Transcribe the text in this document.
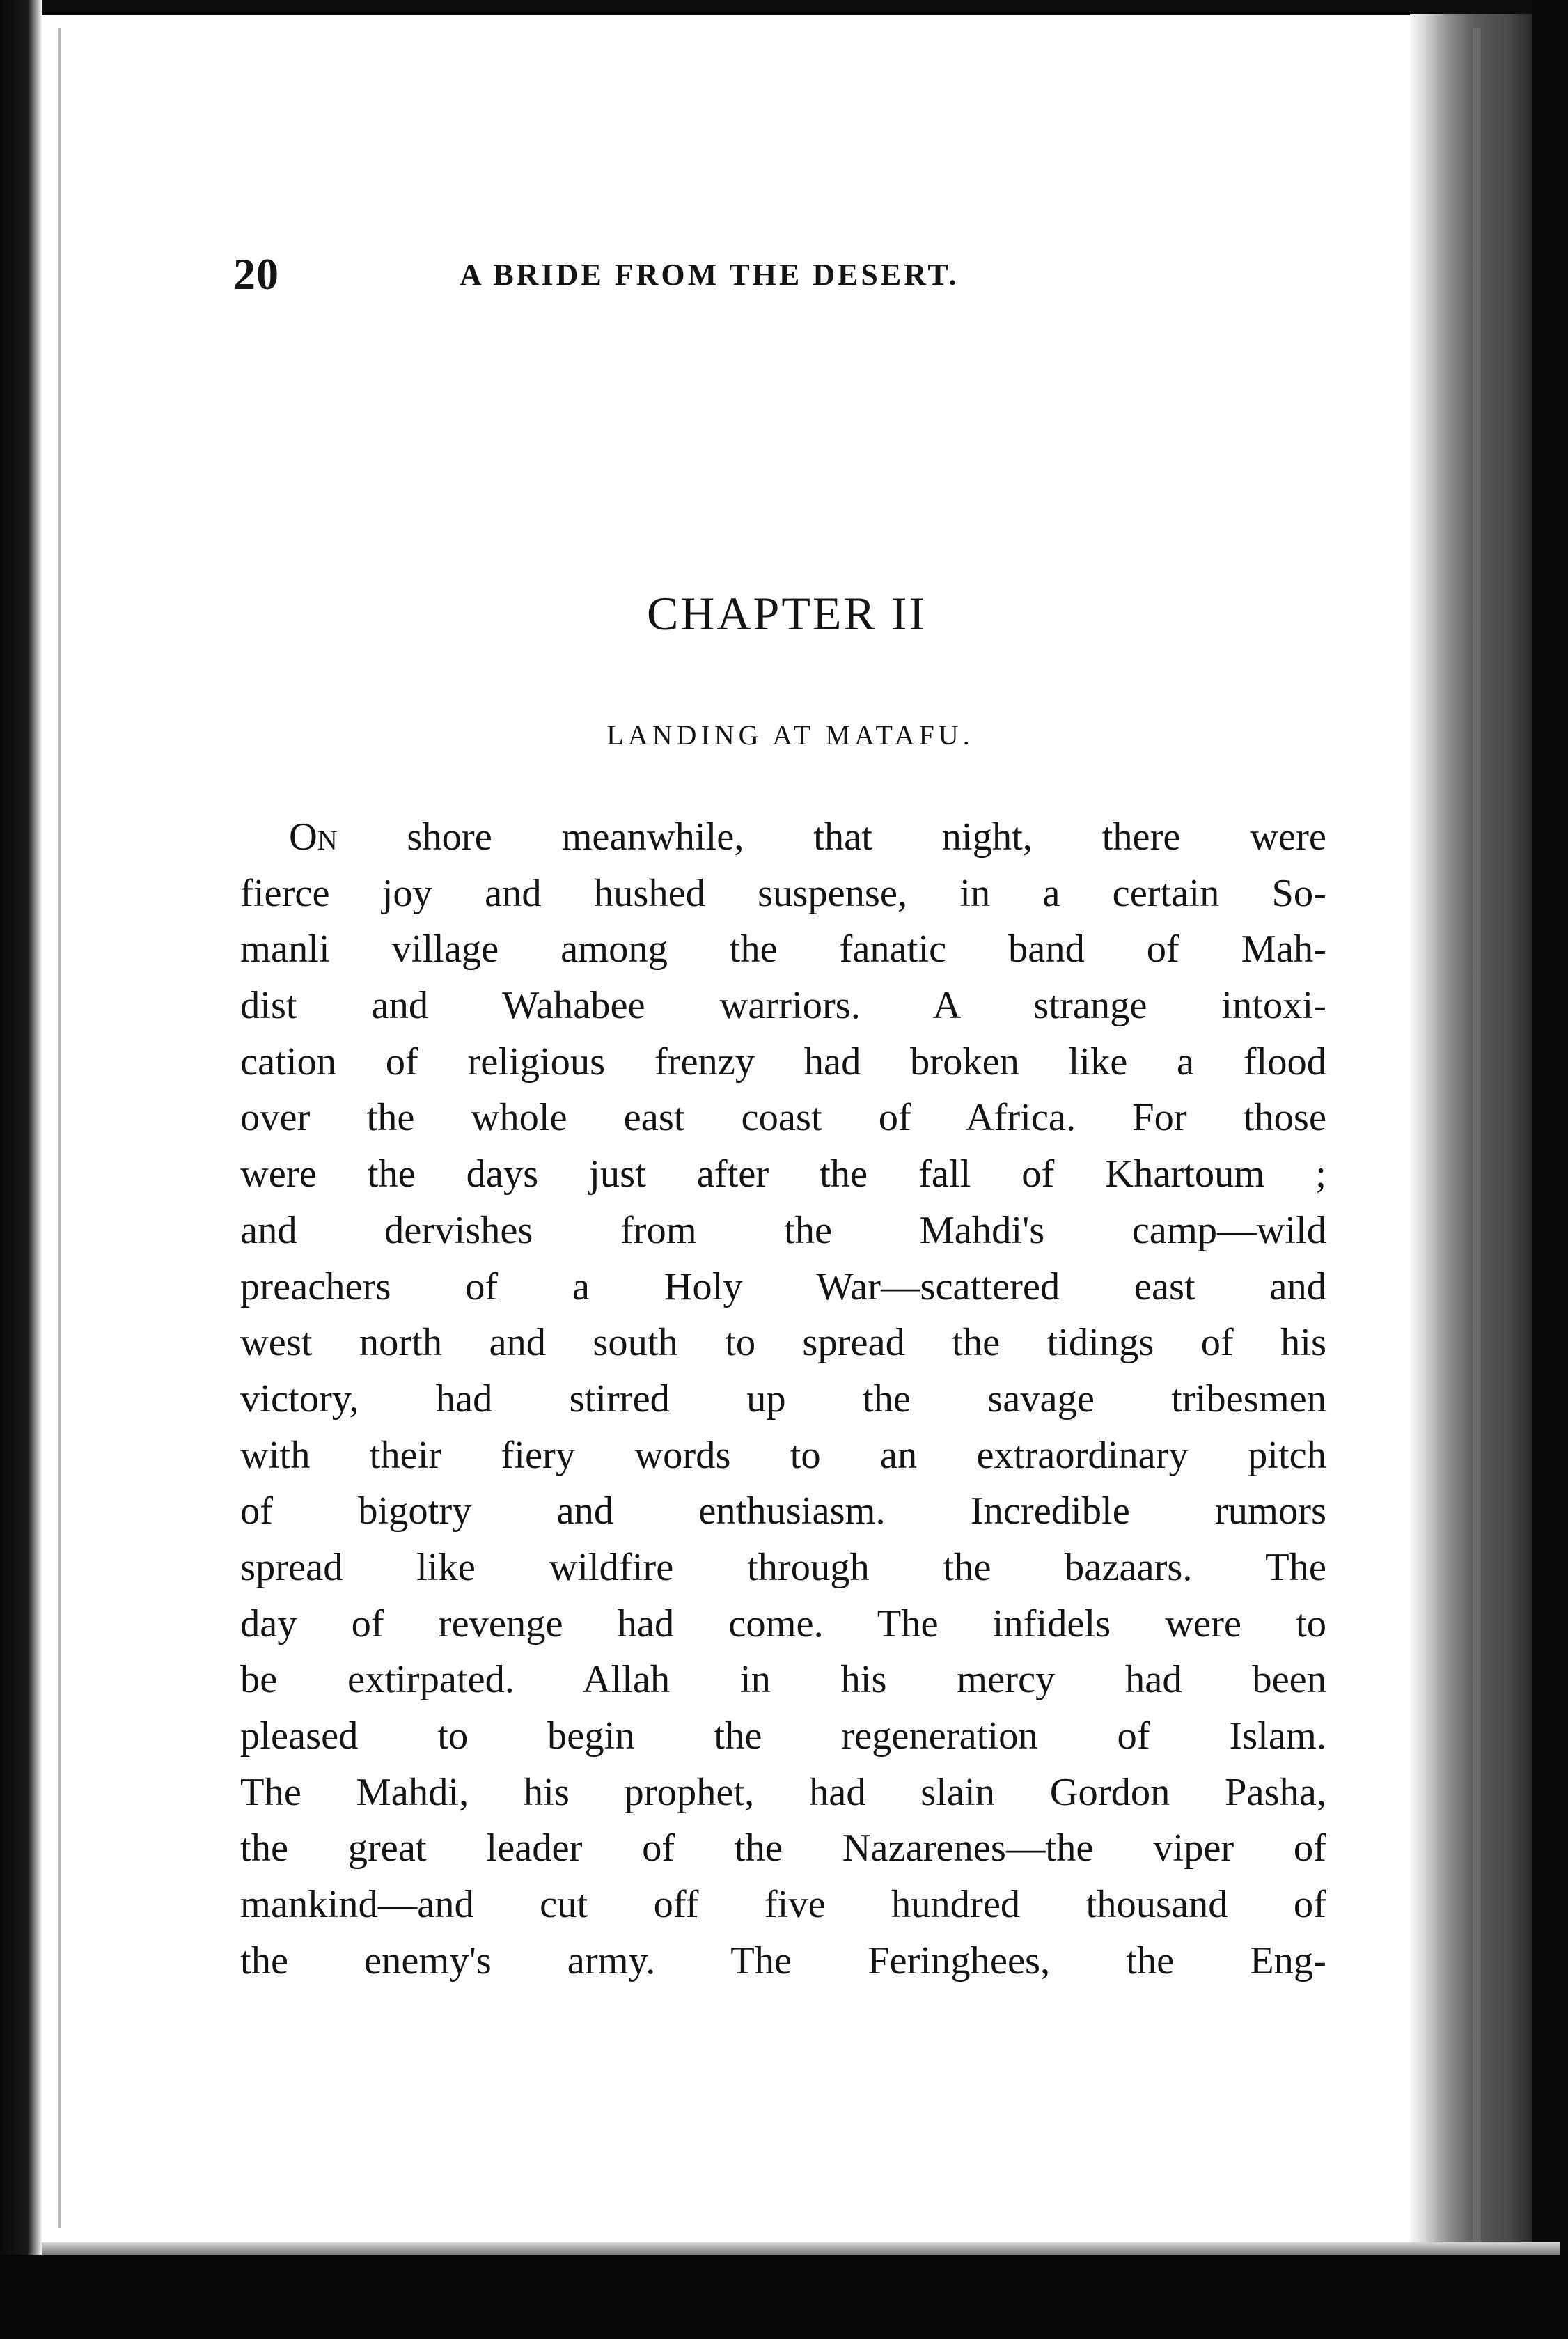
20	A BRIDE FROM THE DESERT.
CHAPTER II
LANDING AT MATAFU.
On shore meanwhile, that night, there were
fierce joy and hushed suspense, in a certain So-
manli village among the fanatic band of Mah-
dist and Wahabee warriors. A strange intoxi-
cation of religious frenzy had broken like a flood
over the whole east coast of Africa. For those
were the days just after the fall of Khartoum ;
and dervishes from the Mahdi's camp—wild
preachers of a Holy War—scattered east and
west north and south to spread the tidings of his
victory, had stirred up the savage tribesmen
with their fiery words to an extraordinary pitch
of bigotry and enthusiasm. Incredible rumors
spread like wildfire through the bazaars. The
day of revenge had come. The infidels were to
be extirpated. Allah in his mercy had been
pleased to begin the regeneration of Islam.
The Mahdi, his prophet, had slain Gordon Pasha,
the great leader of the Nazarenes—the viper of
mankind—and cut off five hundred thousand of
the enemy's army. The Feringhees, the Eng-
